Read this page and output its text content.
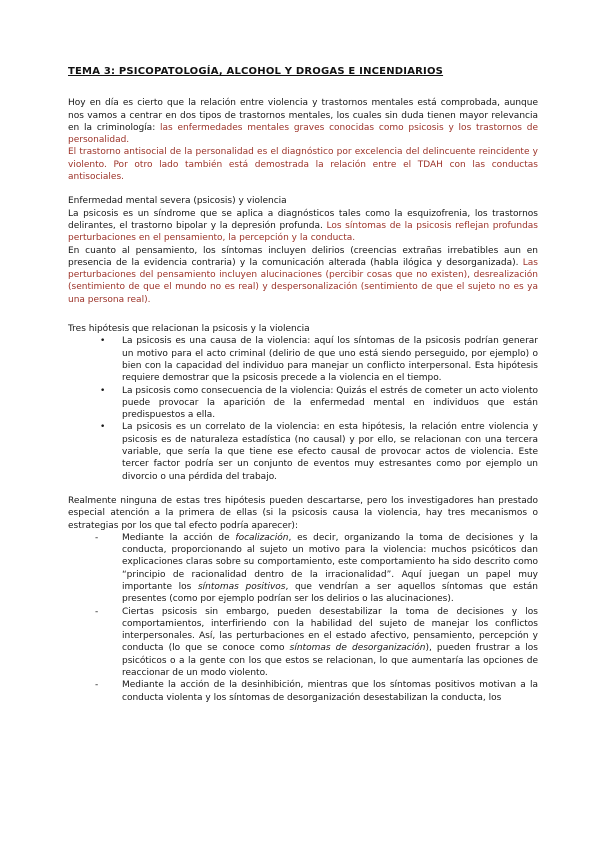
TEMA 3: PSICOPATOLOGÍA, ALCOHOL Y DROGAS E INCENDIARIOS

Hoy en día es cierto que la relación entre violencia y trastornos mentales está comprobada, aunque nos vamos a centrar en dos tipos de trastornos mentales, los cuales sin duda tienen mayor relevancia en la criminología: las enfermedades mentales graves conocidas como psicosis y los trastornos de personalidad.

El trastorno antisocial de la personalidad es el diagnóstico por excelencia del delincuente reincidente y violento. Por otro lado también está demostrada la relación entre el TDAH con las conductas antisociales.

Enfermedad mental severa (psicosis) y violencia

La psicosis es un síndrome que se aplica a diagnósticos tales como la esquizofrenia, los trastornos delirantes, el trastorno bipolar y la depresión profunda. Los síntomas de la psicosis reflejan profundas perturbaciones en el pensamiento, la percepción y la conducta.

En cuanto al pensamiento, los síntomas incluyen delirios (creencias extrañas irrebatibles aun en presencia de la evidencia contraria) y la comunicación alterada (habla ilógica y desorganizada). Las perturbaciones del pensamiento incluyen alucinaciones (percibir cosas que no existen), desrealización (sentimiento de que el mundo no es real) y despersonalización (sentimiento de que el sujeto no es ya una persona real).

Tres hipótesis que relacionan la psicosis y la violencia

• La psicosis es una causa de la violencia: aquí los síntomas de la psicosis podrían generar un motivo para el acto criminal (delirio de que uno está siendo perseguido, por ejemplo) o bien con la capacidad del individuo para manejar un conflicto interpersonal. Esta hipótesis requiere demostrar que la psicosis precede a la violencia en el tiempo.
• La psicosis como consecuencia de la violencia: Quizás el estrés de cometer un acto violento puede provocar la aparición de la enfermedad mental en individuos que están predispuestos a ella.
• La psicosis es un correlato de la violencia: en esta hipótesis, la relación entre violencia y psicosis es de naturaleza estadística (no causal) y por ello, se relacionan con una tercera variable, que sería la que tiene ese efecto causal de provocar actos de violencia. Este tercer factor podría ser un conjunto de eventos muy estresantes como por ejemplo un divorcio o una pérdida del trabajo.

Realmente ninguna de estas tres hipótesis pueden descartarse, pero los investigadores han prestado especial atención a la primera de ellas (si la psicosis causa la violencia, hay tres mecanismos o estrategias por los que tal efecto podría aparecer):

-	Mediante la acción de focalización, es decir, organizando la toma de decisiones y la conducta, proporcionando al sujeto un motivo para la violencia: muchos psicóticos dan explicaciones claras sobre su comportamiento, este comportamiento ha sido descrito como “principio de racionalidad dentro de la irracionalidad”. Aquí juegan un papel muy importante los síntomas positivos, que vendrían a ser aquellos síntomas que están presentes (como por ejemplo podrían ser los delirios o las alucinaciones).
-	Ciertas psicosis sin embargo, pueden desestabilizar la toma de decisiones y los comportamientos, interfiriendo con la habilidad del sujeto de manejar los conflictos interpersonales. Así, las perturbaciones en el estado afectivo, pensamiento, percepción y conducta (lo que se conoce como síntomas de desorganización), pueden frustrar a los psicóticos o a la gente con los que estos se relacionan, lo que aumentaría las opciones de reaccionar de un modo violento.
-	Mediante la acción de la desinhibición, mientras que los síntomas positivos motivan a la conducta violenta y los síntomas de desorganización desestabilizan la conducta, los
